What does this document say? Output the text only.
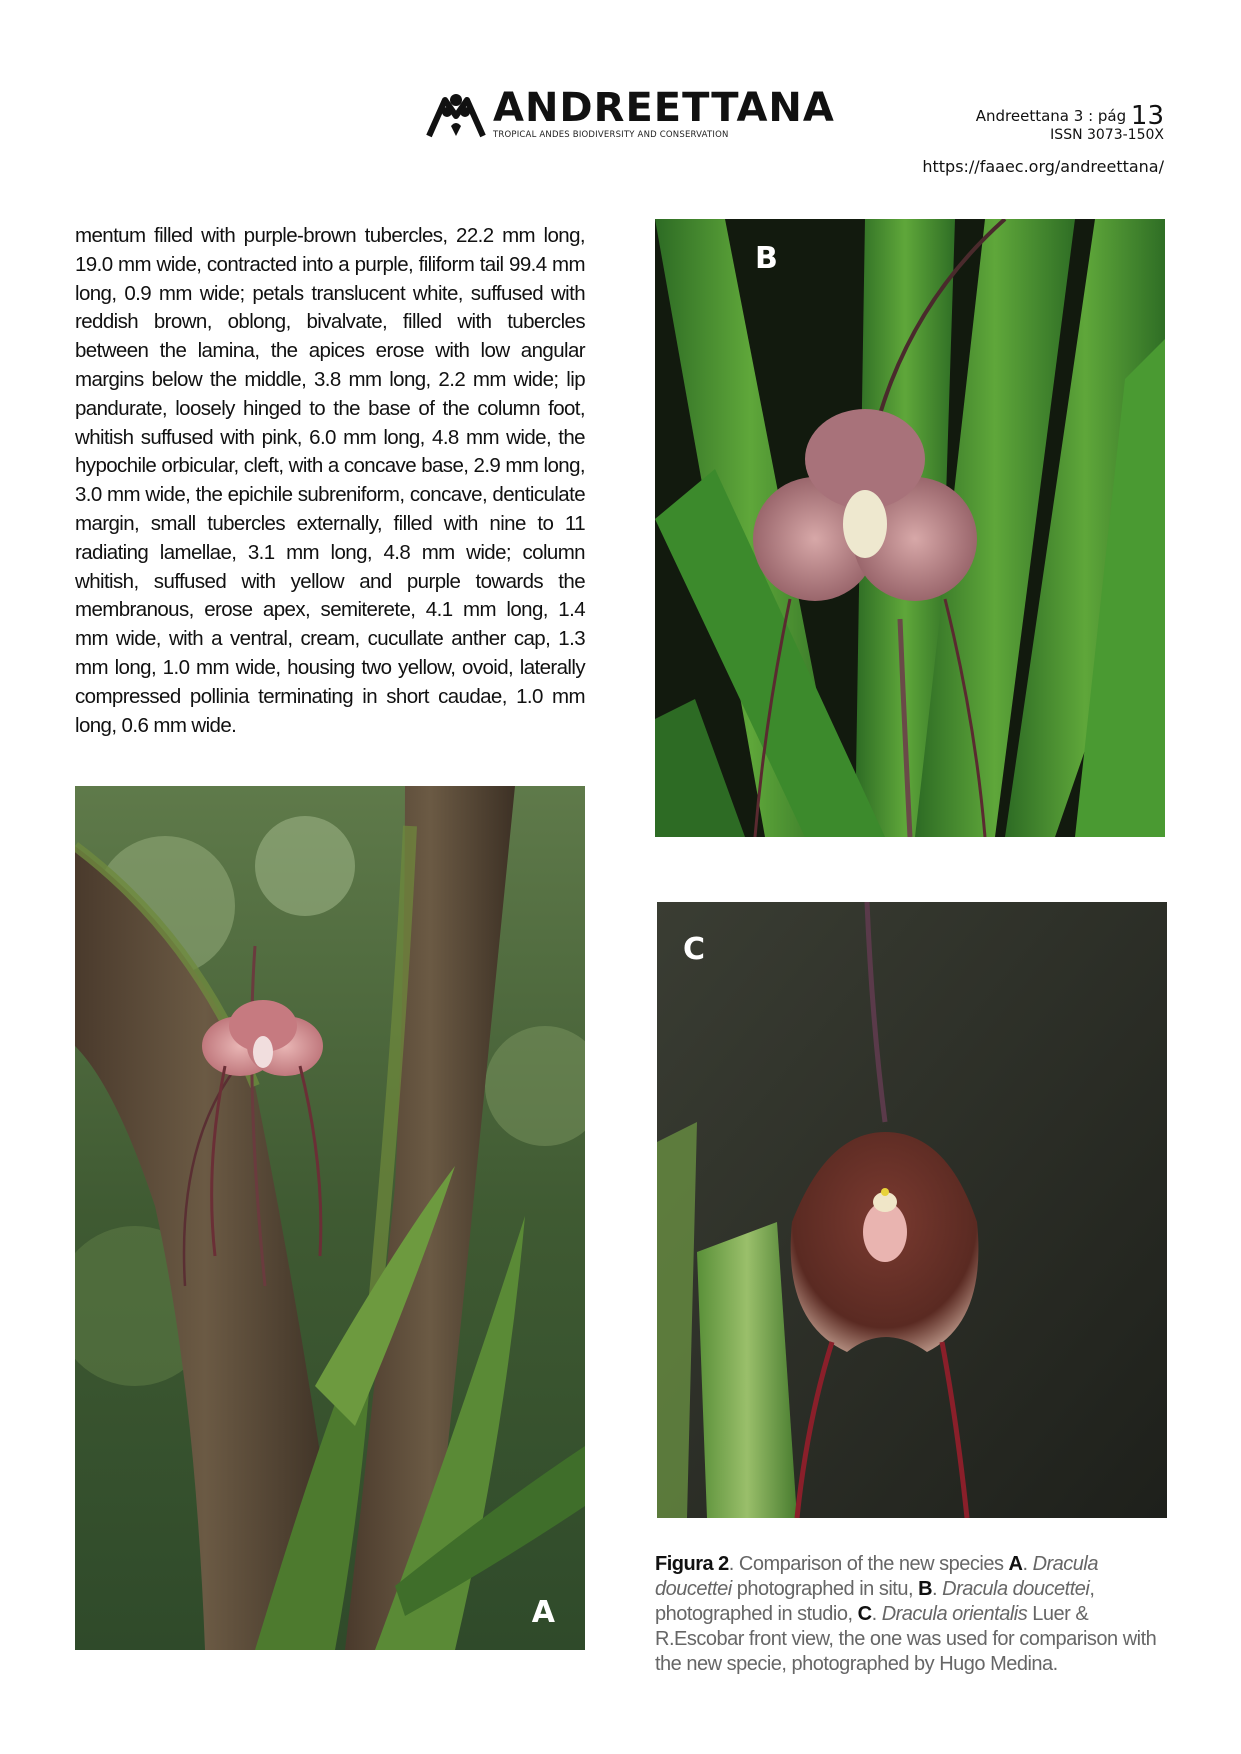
ANDREETTANA
TROPICAL ANDES BIODIVERSITY AND CONSERVATION
Andreettana 3 : pág 13
ISSN 3073-150X
https://faaec.org/andreettana/
mentum filled with purple-brown tubercles, 22.2 mm long, 19.0 mm wide, contracted into a purple, filiform tail 99.4 mm long, 0.9 mm wide; petals translucent white, suffused with reddish brown, oblong, bivalvate, filled with tubercles between the lamina, the apices erose with low angular margins below the middle, 3.8 mm long, 2.2 mm wide; lip pandurate, loosely hinged to the base of the column foot, whitish suffused with pink, 6.0 mm long, 4.8 mm wide, the hypochile orbicular, cleft, with a concave base, 2.9 mm long, 3.0 mm wide, the epichile subreniform, concave, denticulate margin, small tubercles externally, filled with nine to 11 radiating lamellae, 3.1 mm long, 4.8 mm wide; column whitish, suffused with yellow and purple towards the membranous, erose apex, semiterete, 4.1 mm long, 1.4 mm wide, with a ventral, cream, cucullate anther cap, 1.3 mm long, 1.0 mm wide, housing two yellow, ovoid, laterally compressed pollinia terminating in short caudae, 1.0 mm long, 0.6 mm wide.
A
B
C
Figura 2. Comparison of the new species A. Dracula doucettei photographed in situ, B. Dracula doucettei, photographed in studio, C. Dracula orientalis Luer & R.Escobar front view, the one was used for comparison with the new specie, photographed by Hugo Medina.
